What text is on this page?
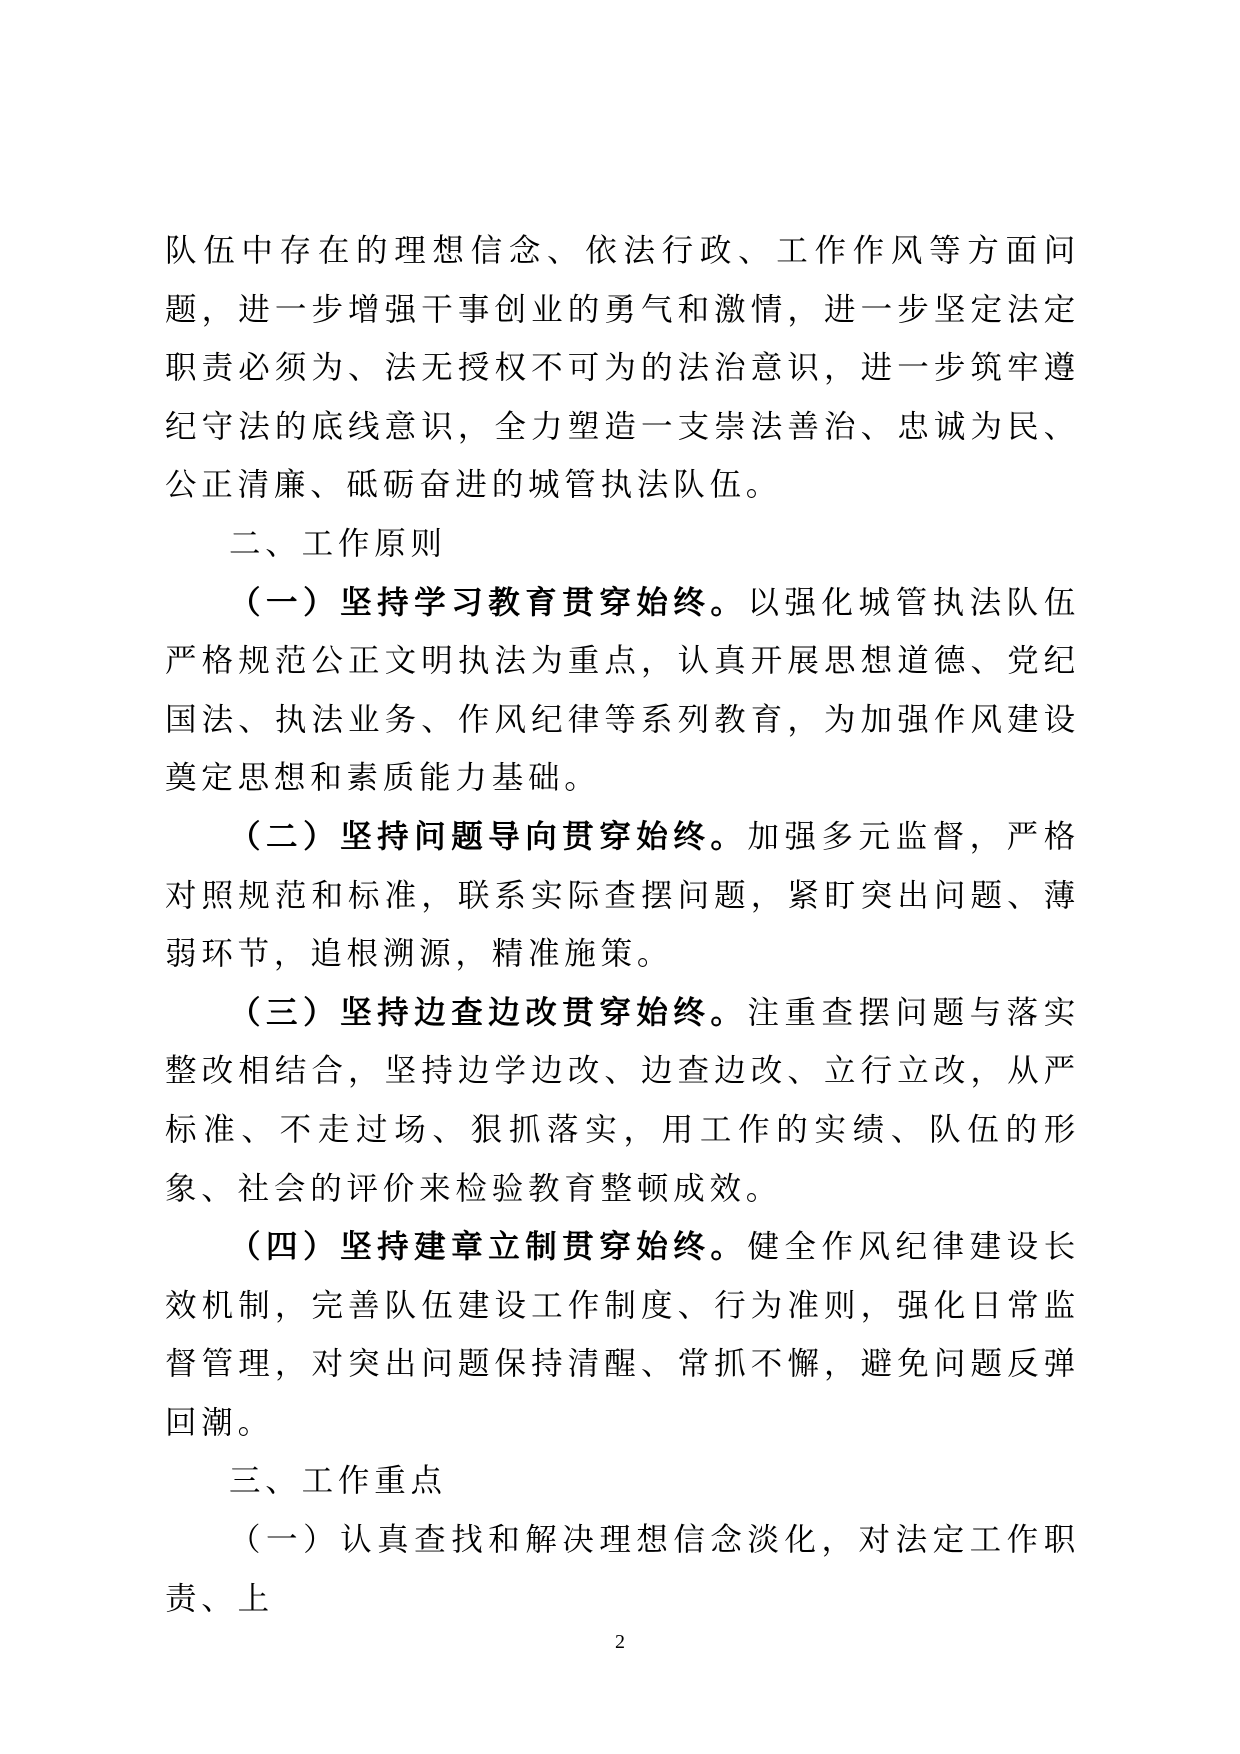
队伍中存在的理想信念、依法行政、工作作风等方面问题，进一步增强干事创业的勇气和激情，进一步坚定法定职责必须为、法无授权不可为的法治意识，进一步筑牢遵纪守法的底线意识，全力塑造一支崇法善治、忠诚为民、公正清廉、砥砺奋进的城管执法队伍。

二、工作原则

（一）坚持学习教育贯穿始终。以强化城管执法队伍严格规范公正文明执法为重点，认真开展思想道德、党纪国法、执法业务、作风纪律等系列教育，为加强作风建设奠定思想和素质能力基础。

（二）坚持问题导向贯穿始终。加强多元监督，严格对照规范和标准，联系实际查摆问题，紧盯突出问题、薄弱环节，追根溯源，精准施策。

（三）坚持边查边改贯穿始终。注重查摆问题与落实整改相结合，坚持边学边改、边查边改、立行立改，从严标准、不走过场、狠抓落实，用工作的实绩、队伍的形象、社会的评价来检验教育整顿成效。

（四）坚持建章立制贯穿始终。健全作风纪律建设长效机制，完善队伍建设工作制度、行为准则，强化日常监督管理，对突出问题保持清醒、常抓不懈，避免问题反弹回潮。

三、工作重点

（一）认真查找和解决理想信念淡化，对法定工作职责、上

2
